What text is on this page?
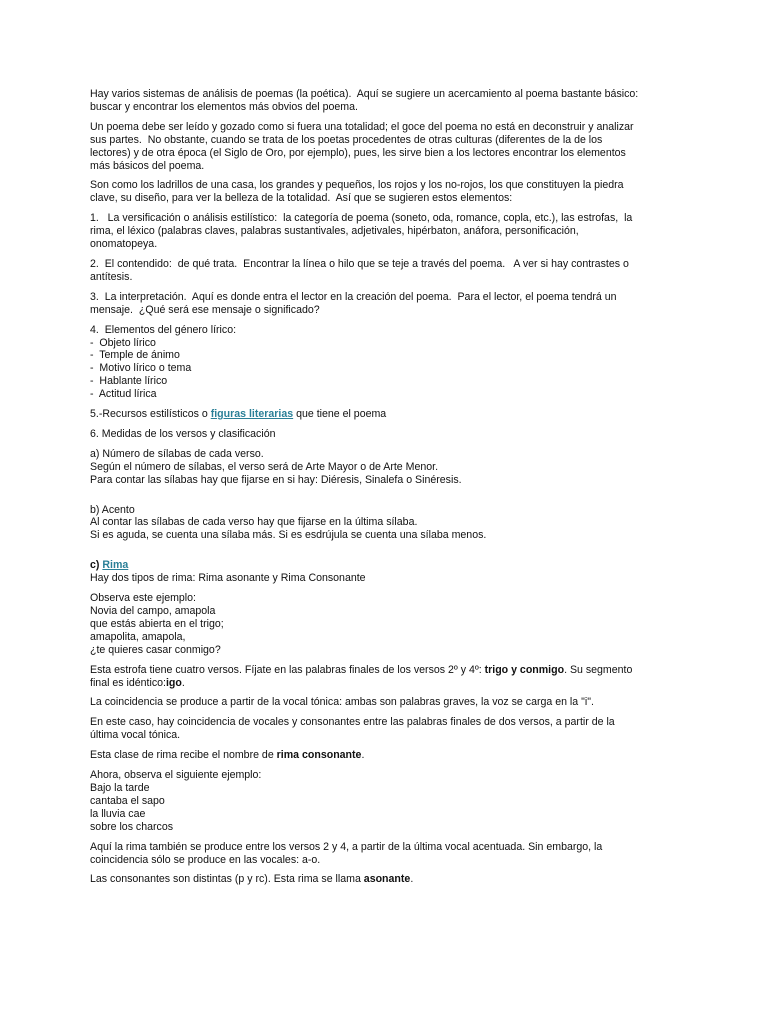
Hay varios sistemas de análisis de poemas (la poética).  Aquí se sugiere un acercamiento al poema bastante básico:
buscar y encontrar los elementos más obvios del poema.
Un poema debe ser leído y gozado como si fuera una totalidad; el goce del poema no está en deconstruir y analizar
sus partes.  No obstante, cuando se trata de los poetas procedentes de otras culturas (diferentes de la de los
lectores) y de otra época (el Siglo de Oro, por ejemplo), pues, les sirve bien a los lectores encontrar los elementos
más básicos del poema.
Son como los ladrillos de una casa, los grandes y pequeños, los rojos y los no-rojos, los que constituyen la piedra
clave, su diseño, para ver la belleza de la totalidad.  Así que se sugieren estos elementos:
1.   La versificación o análisis estilístico:  la categoría de poema (soneto, oda, romance, copla, etc.), las estrofas,  la
rima, el léxico (palabras claves, palabras sustantivales, adjetivales, hipérbaton, anáfora, personificación,
onomatopeya.
2.  El contendido:  de qué trata.  Encontrar la línea o hilo que se teje a través del poema.   A ver si hay contrastes o
antítesis.
3.  La interpretación.  Aquí es donde entra el lector en la creación del poema.  Para el lector, el poema tendrá un
mensaje.  ¿Qué será ese mensaje o significado?
4.  Elementos del género lírico:
-  Objeto lírico
-  Temple de ánimo
-  Motivo lírico o tema
-  Hablante lírico
-  Actitud lírica
5.-Recursos estilísticos o figuras literarias que tiene el poema
6. Medidas de los versos y clasificación
a) Número de sílabas de cada verso.
Según el número de sílabas, el verso será de Arte Mayor o de Arte Menor.
Para contar las sílabas hay que fijarse en si hay: Diéresis, Sinalefa o Sinéresis.
b) Acento
Al contar las sílabas de cada verso hay que fijarse en la última sílaba.
Si es aguda, se cuenta una sílaba más. Si es esdrújula se cuenta una sílaba menos.
c) Rima
Hay dos tipos de rima: Rima asonante y Rima Consonante
Observa este ejemplo:
Novia del campo, amapola
que estás abierta en el trigo;
amapolita, amapola,
¿te quieres casar conmigo?
Esta estrofa tiene cuatro versos. Fíjate en las palabras finales de los versos 2º y 4º: trigo y conmigo. Su segmento
final es idéntico:igo.
La coincidencia se produce a partir de la vocal tónica: ambas son palabras graves, la voz se carga en la "i".
En este caso, hay coincidencia de vocales y consonantes entre las palabras finales de dos versos, a partir de la
última vocal tónica.
Esta clase de rima recibe el nombre de rima consonante.
Ahora, observa el siguiente ejemplo:
Bajo la tarde
cantaba el sapo
la lluvia cae
sobre los charcos
Aquí la rima también se produce entre los versos 2 y 4, a partir de la última vocal acentuada. Sin embargo, la
coincidencia sólo se produce en las vocales: a-o.
Las consonantes son distintas (p y rc). Esta rima se llama asonante.
